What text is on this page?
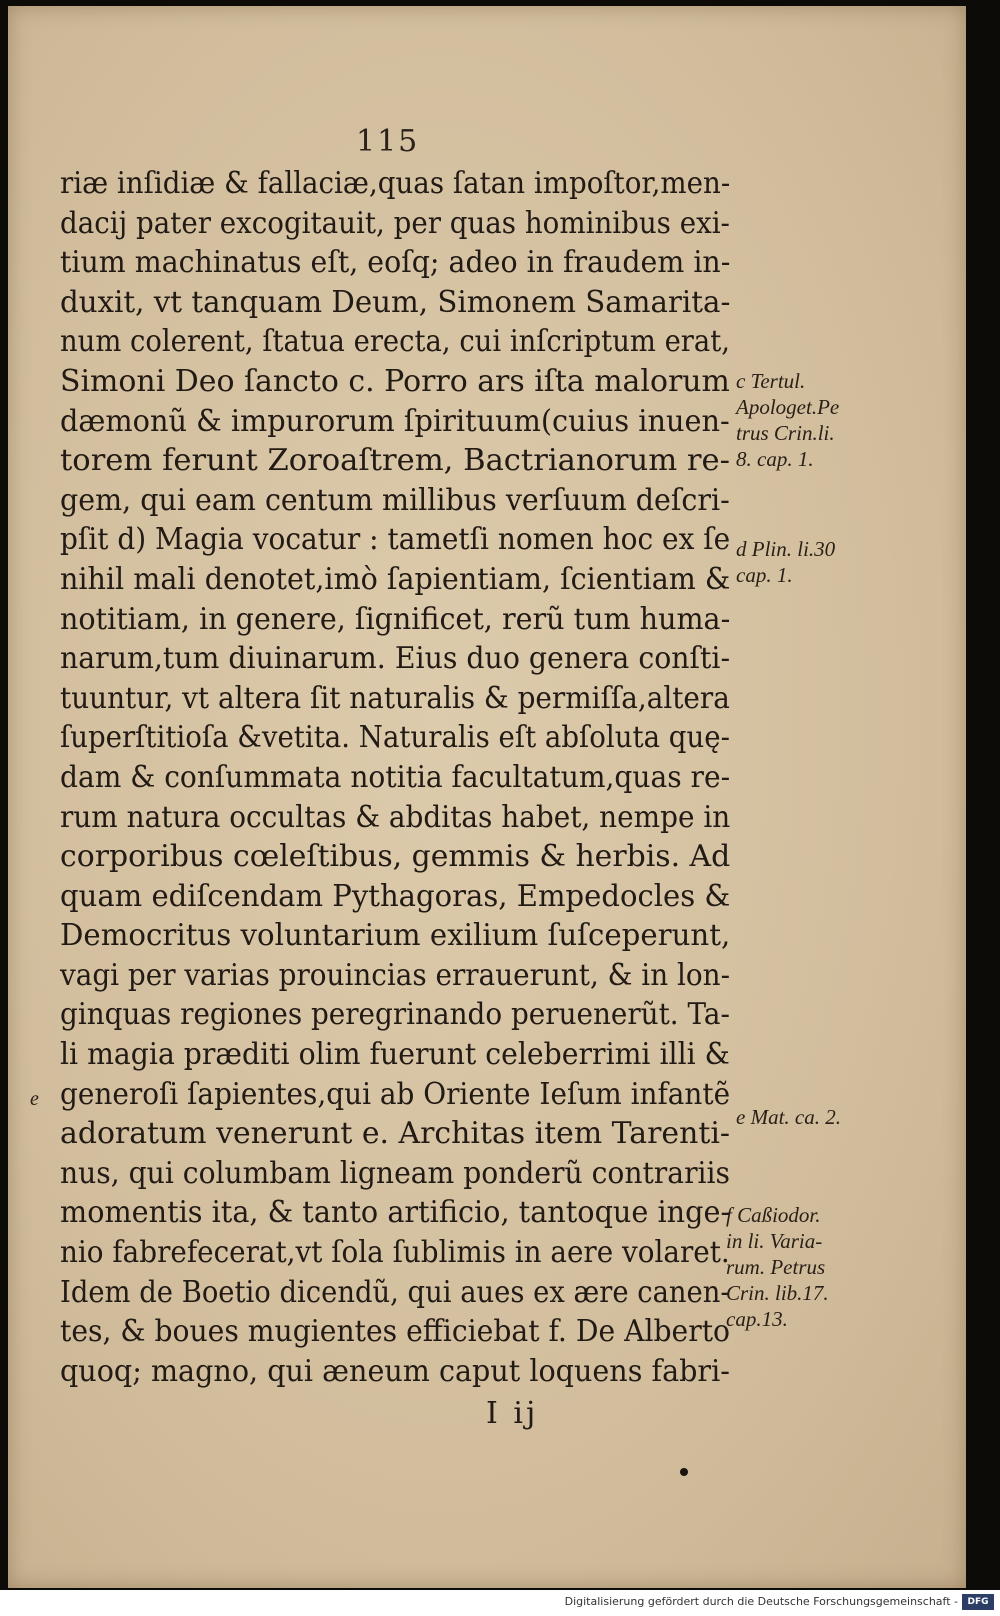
115
riæ inſidiæ & fallaciæ,quas ſatan impoſtor,men-
dacij pater excogitauit, per quas hominibus exi-
tium machinatus eſt, eoſq; adeo in fraudem in-
duxit, vt tanquam Deum, Simonem Samarita-
num colerent, ſtatua erecta, cui inſcriptum erat,
Simoni Deo ſancto c. Porro ars iſta malorum
dæmonũ & impurorum ſpirituum(cuius inuen-
torem ferunt Zoroaſtrem, Bactrianorum re-
gem, qui eam centum millibus verſuum deſcri-
pſit d) Magia vocatur : tametſi nomen hoc ex ſe
nihil mali denotet,imò ſapientiam, ſcientiam &
notitiam, in genere, ſignificet, rerũ tum huma-
narum,tum diuinarum. Eius duo genera conſti-
tuuntur, vt altera ſit naturalis & permiſſa,altera
ſuperſtitioſa &vetita. Naturalis eſt abſoluta quę-
dam & conſummata notitia facultatum,quas re-
rum natura occultas & abditas habet, nempe in
corporibus cœleſtibus, gemmis & herbis. Ad
quam ediſcendam Pythagoras, Empedocles &
Democritus voluntarium exilium ſuſceperunt,
vagi per varias prouincias errauerunt, & in lon-
ginquas regiones peregrinando peruenerũt. Ta-
li magia præditi olim fuerunt celeberrimi illi &
generoſi ſapientes,qui ab Oriente Ieſum infantẽ
adoratum venerunt e. Architas item Tarenti-
nus, qui columbam ligneam ponderũ contrariis
momentis ita, & tanto artificio, tantoque inge-
nio fabrefecerat,vt ſola ſublimis in aere volaret.
Idem de Boetio dicendũ, qui aues ex ære canen-
tes, & boues mugientes efficiebat f. De Alberto
quoq; magno, qui æneum caput loquens fabri-
c Tertul.
Apologet.Pe
trus Crin.li.
8. cap. 1.
d Plin. li.30
cap. 1.
e Mat. ca. 2.
f Caßiodor.
in li. Varia-
rum. Petrus
Crin. lib.17.
cap.13.
e
I ij
Digitalisierung gefördert durch die Deutsche Forschungsgemeinschaft -	DFG
